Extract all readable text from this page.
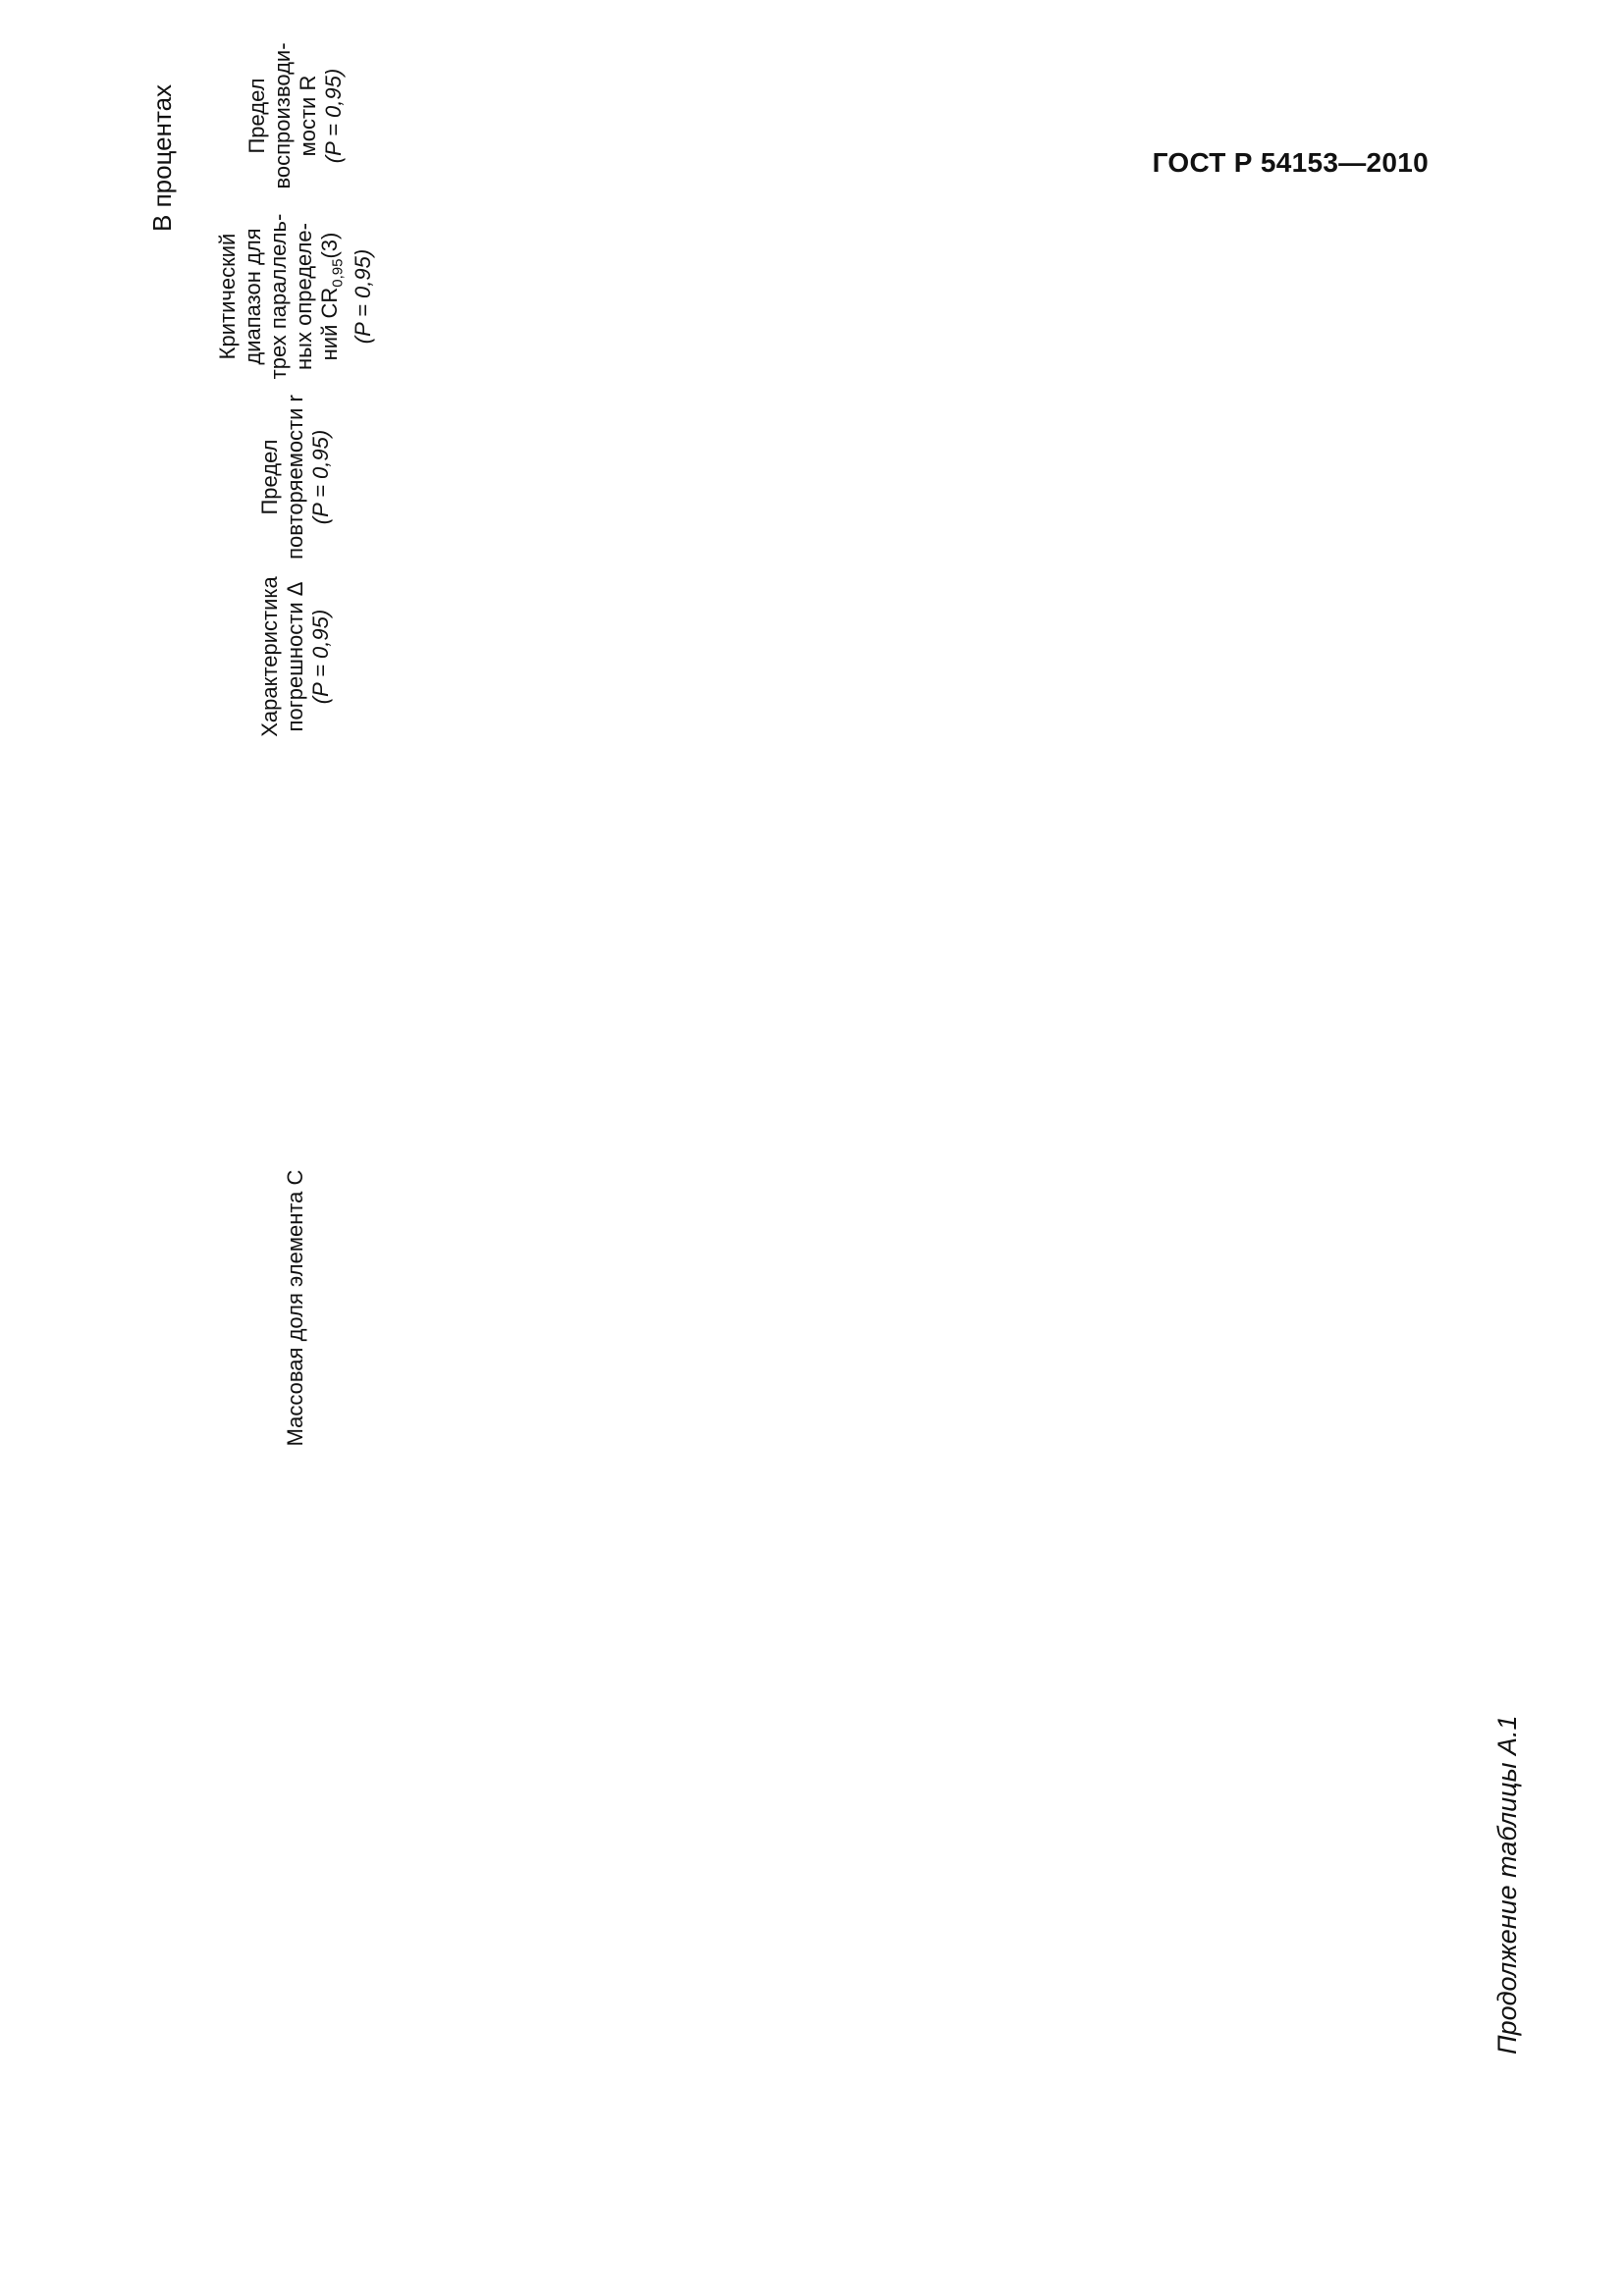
ГОСТ Р 54153—2010
Продолжение таблицы А.1
В процентах
Массовая доля элемента C
Характеристика погрешности Δ (P = 0,95)
Предел повторяемости r (P = 0,95)
Критический диапазон для трех параллель- ных определе- ний $CR_{0,95}(3)$
(P = 0,95)
Предел воспроизводи- мости R (P = 0,95)
